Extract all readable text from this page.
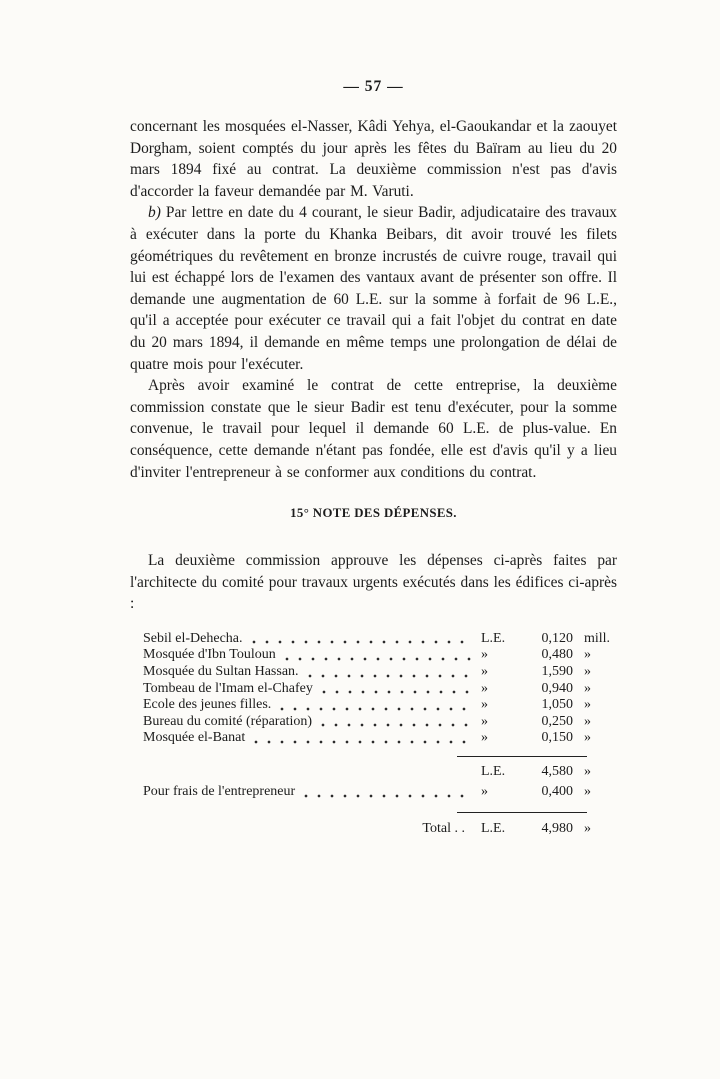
— 57 —

concernant les mosquées el-Nasser, Kâdi Yehya, el-Gaoukandar et la zaouyet Dorgham, soient comptés du jour après les fêtes du Baïram au lieu du 20 mars 1894 fixé au contrat. La deuxième commission n'est pas d'avis d'accorder la faveur demandée par M. Varuti.

b) Par lettre en date du 4 courant, le sieur Badir, adjudicataire des travaux à exécuter dans la porte du Khanka Beibars, dit avoir trouvé les filets géométriques du revêtement en bronze incrustés de cuivre rouge, travail qui lui est échappé lors de l'examen des vantaux avant de présenter son offre. Il demande une augmentation de 60 L.E. sur la somme à forfait de 96 L.E., qu'il a acceptée pour exécuter ce travail qui a fait l'objet du contrat en date du 20 mars 1894, il demande en même temps une prolongation de délai de quatre mois pour l'exécuter.

Après avoir examiné le contrat de cette entreprise, la deuxième commission constate que le sieur Badir est tenu d'exécuter, pour la somme convenue, le travail pour lequel il demande 60 L.E. de plus-value. En conséquence, cette demande n'étant pas fondée, elle est d'avis qu'il y a lieu d'inviter l'entrepreneur à se conformer aux conditions du contrat.

15° NOTE DES DÉPENSES.

La deuxième commission approuve les dépenses ci-après faites par l'architecte du comité pour travaux urgents exécutés dans les édifices ci-après :

Sebil el-Dehecha.	L.E.	0,120 mill.
Mosquée d'Ibn Touloun	»	0,480 »
Mosquée du Sultan Hassan.	»	1,590 »
Tombeau de l'Imam el-Chafey	»	0,940 »
Ecole des jeunes filles.	»	1,050 »
Bureau du comité (réparation)	»	0,250 »
Mosquée el-Banat	»	0,150 »
L.E.	4,580 »
Pour frais de l'entrepreneur	»	0,400 »
Total . . L.E.	4,980 »
